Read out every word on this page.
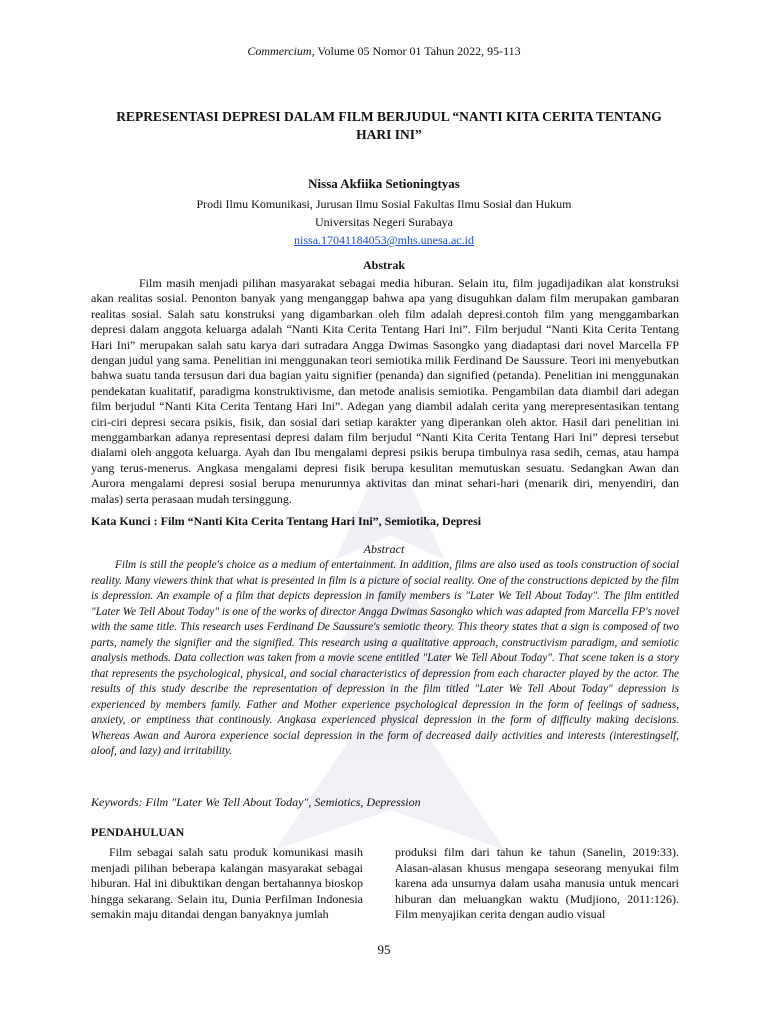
Commercium, Volume 05 Nomor 01 Tahun 2022, 95-113
REPRESENTASI DEPRESI DALAM FILM BERJUDUL “NANTI KITA CERITA TENTANG HARI INI”
Nissa Akfiika Setioningtyas
Prodi Ilmu Komunikasi, Jurusan Ilmu Sosial Fakultas Ilmu Sosial dan Hukum
Universitas Negeri Surabaya
nissa.17041184053@mhs.unesa.ac.id
Abstrak
Film masih menjadi pilihan masyarakat sebagai media hiburan. Selain itu, film jugadijadikan alat konstruksi akan realitas sosial. Penonton banyak yang menganggap bahwa apa yang disuguhkan dalam film merupakan gambaran realitas sosial. Salah satu konstruksi yang digambarkan oleh film adalah depresi.contoh film yang menggambarkan depresi dalam anggota keluarga adalah “Nanti Kita Cerita Tentang Hari Ini”. Film berjudul “Nanti Kita Cerita Tentang Hari Ini” merupakan salah satu karya dari sutradara Angga Dwimas Sasongko yang diadaptasi dari novel Marcella FP dengan judul yang sama. Penelitian ini menggunakan teori semiotika milik Ferdinand De Saussure. Teori ini menyebutkan bahwa suatu tanda tersusun dari dua bagian yaitu signifier (penanda) dan signified (petanda). Penelitian ini menggunakan pendekatan kualitatif, paradigma konstruktivisme, dan metode analisis semiotika. Pengambilan data diambil dari adegan film berjudul “Nanti Kita Cerita Tentang Hari Ini”. Adegan yang diambil adalah cerita yang merepresentasikan tentang ciri-ciri depresi secara psikis, fisik, dan sosial dari setiap karakter yang diperankan oleh aktor. Hasil dari penelitian ini menggambarkan adanya representasi depresi dalam film berjudul “Nanti Kita Cerita Tentang Hari Ini” depresi tersebut dialami oleh anggota keluarga. Ayah dan Ibu mengalami depresi psikis berupa timbulnya rasa sedih, cemas, atau hampa yang terus-menerus. Angkasa mengalami depresi fisik berupa kesulitan memutuskan sesuatu. Sedangkan Awan dan Aurora mengalami depresi sosial berupa menurunnya aktivitas dan minat sehari-hari (menarik diri, menyendiri, dan malas) serta perasaan mudah tersinggung.
Kata Kunci : Film “Nanti Kita Cerita Tentang Hari Ini”, Semiotika, Depresi
Abstract
Film is still the people's choice as a medium of entertainment. In addition, films are also used as tools construction of social reality. Many viewers think that what is presented in film is a picture of social reality. One of the constructions depicted by the film is depression. An example of a film that depicts depression in family members is "Later We Tell About Today". The film entitled "Later We Tell About Today" is one of the works of director Angga Dwimas Sasongko which was adapted from Marcella FP's novel with the same title. This research uses Ferdinand De Saussure's semiotic theory. This theory states that a sign is composed of two parts, namely the signifier and the signified. This research using a qualitative approach, constructivism paradigm, and semiotic analysis methods. Data collection was taken from a movie scene entitled "Later We Tell About Today". That scene taken is a story that represents the psychological, physical, and social characteristics of depression from each character played by the actor. The results of this study describe the representation of depression in the film titled "Later We Tell About Today" depression is experienced by members family. Father and Mother experience psychological depression in the form of feelings of sadness, anxiety, or emptiness that continously. Angkasa experienced physical depression in the form of difficulty making decisions. Whereas Awan and Aurora experience social depression in the form of decreased daily activities and interests (interestingself, aloof, and lazy) and irritability.
Keywords: Film "Later We Tell About Today", Semiotics, Depression
PENDAHULUAN
Film sebagai salah satu produk komunikasi masih menjadi pilihan beberapa kalangan masyarakat sebagai hiburan. Hal ini dibuktikan dengan bertahannya bioskop hingga sekarang. Selain itu, Dunia Perfilman Indonesia semakin maju ditandai dengan banyaknya jumlah
produksi film dari tahun ke tahun (Sanelin, 2019:33). Alasan-alasan khusus mengapa seseorang menyukai film karena ada unsurnya dalam usaha manusia untuk mencari hiburan dan meluangkan waktu (Mudjiono, 2011:126). Film menyajikan cerita dengan audio visual
95
